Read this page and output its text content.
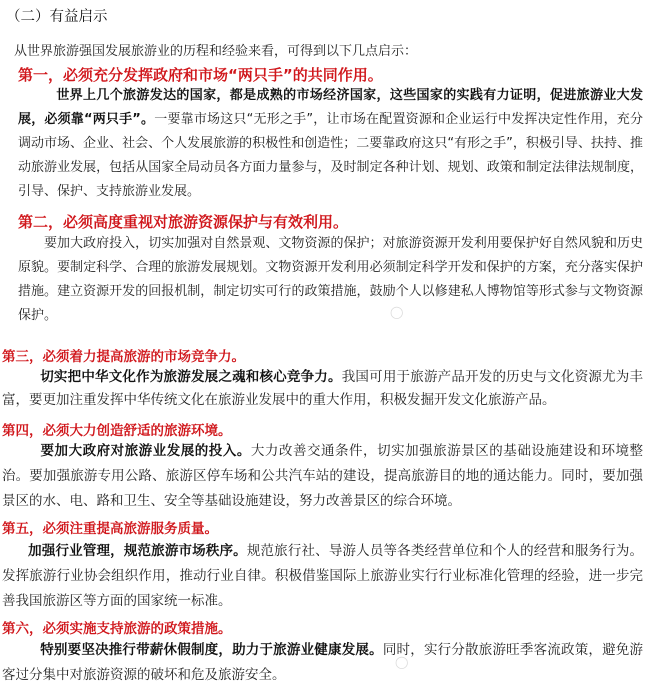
（二）有益启示
从世界旅游强国发展旅游业的历程和经验来看，可得到以下几点启示：
第一，必须充分发挥政府和市场“两只手”的共同作用。
世界上几个旅游发达的国家，都是成熟的市场经济国家，这些国家的实践有力证明，促进旅游业大发展，必须靠“两只手”。一要靠市场这只“无形之手”，让市场在配置资源和企业运行中发挥决定性作用，充分调动市场、企业、社会、个人发展旅游的积极性和创造性；二要靠政府这只“有形之手”，积极引导、扶持、推动旅游业发展，包括从国家全局动员各方面力量参与，及时制定各种计划、规划、政策和制定法律法规制度，引导、保护、支持旅游业发展。
第二，必须高度重视对旅游资源保护与有效利用。
要加大政府投入，切实加强对自然景观、文物资源的保护；对旅游资源开发利用要保护好自然风貌和历史原貌。要制定科学、合理的旅游发展规划。文物资源开发利用必须制定科学开发和保护的方案，充分落实保护措施。建立资源开发的回报机制，制定切实可行的政策措施，鼓励个人以修建私人博物馆等形式参与文物资源保护。
第三，必须着力提高旅游的市场竞争力。
切实把中华文化作为旅游发展之魂和核心竞争力。我国可用于旅游产品开发的历史与文化资源尤为丰富，要更加注重发挥中华传统文化在旅游业发展中的重大作用，积极发掘开发文化旅游产品。
第四，必须大力创造舒适的旅游环境。
要加大政府对旅游业发展的投入。大力改善交通条件，切实加强旅游景区的基础设施建设和环境整治。要加强旅游专用公路、旅游区停车场和公共汽车站的建设，提高旅游目的地的通达能力。同时，要加强景区的水、电、路和卫生、安全等基础设施建设，努力改善景区的综合环境。
第五，必须注重提高旅游服务质量。
加强行业管理，规范旅游市场秩序。规范旅行社、导游人员等各类经营单位和个人的经营和服务行为。发挥旅游行业协会组织作用，推动行业自律。积极借鉴国际上旅游业实行行业标准化管理的经验，进一步完善我国旅游区等方面的国家统一标准。
第六，必须实施支持旅游的政策措施。
特别要坚决推行带薪休假制度，助力于旅游业健康发展。同时，实行分散旅游旺季客流政策，避免游客过分集中对旅游资源的破坏和危及旅游安全。
◯
◯
